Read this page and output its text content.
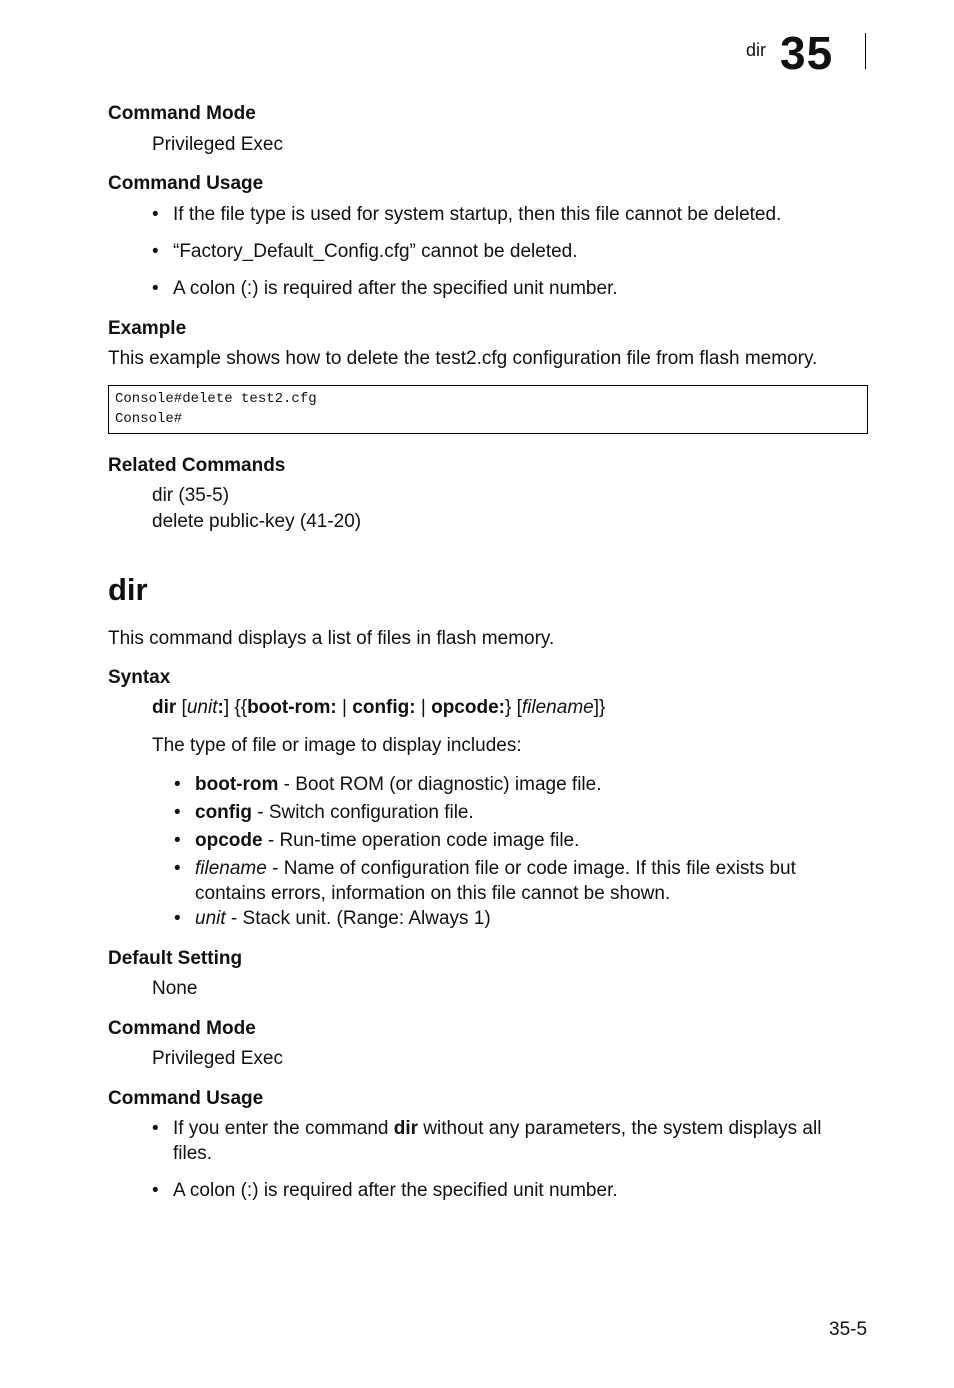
dir 35
Command Mode
Privileged Exec
Command Usage
• If the file type is used for system startup, then this file cannot be deleted.
• “Factory_Default_Config.cfg” cannot be deleted.
• A colon (:) is required after the specified unit number.
Example
This example shows how to delete the test2.cfg configuration file from flash memory.
Console#delete test2.cfg
Console#
Related Commands
dir (35-5)
delete public-key (41-20)
dir
This command displays a list of files in flash memory.
Syntax
dir [unit:] {{boot-rom: | config: | opcode:} [filename]}
The type of file or image to display includes:
• boot-rom - Boot ROM (or diagnostic) image file.
• config - Switch configuration file.
• opcode - Run-time operation code image file.
• filename - Name of configuration file or code image. If this file exists but
contains errors, information on this file cannot be shown.
• unit - Stack unit. (Range: Always 1)
Default Setting
None
Command Mode
Privileged Exec
Command Usage
• If you enter the command dir without any parameters, the system displays all
files.
• A colon (:) is required after the specified unit number.
35-5
